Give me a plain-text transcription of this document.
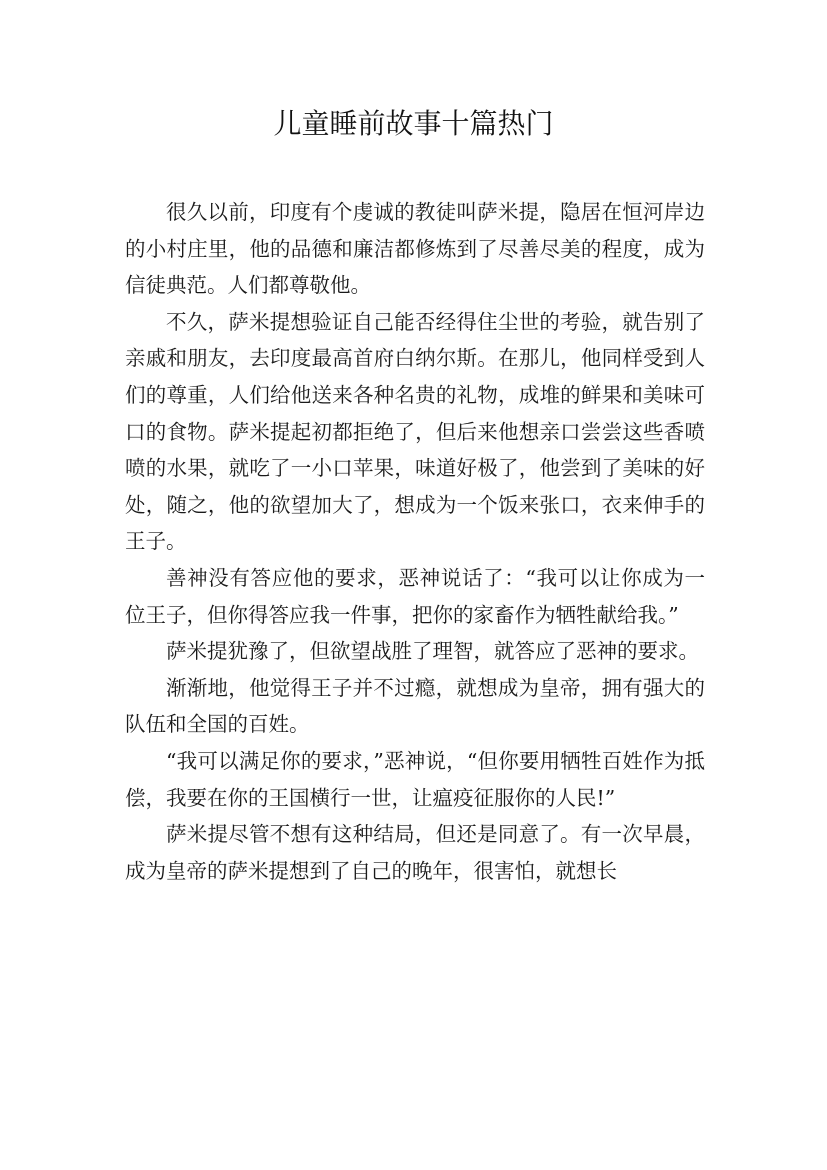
儿童睡前故事十篇热门

很久以前，印度有个虔诚的教徒叫萨米提，隐居在恒河岸边的小村庄里，他的品德和廉洁都修炼到了尽善尽美的程度，成为信徒典范。人们都尊敬他。

不久，萨米提想验证自己能否经得住尘世的考验，就告别了亲戚和朋友，去印度最高首府白纳尔斯。在那儿，他同样受到人们的尊重，人们给他送来各种名贵的礼物，成堆的鲜果和美味可口的食物。萨米提起初都拒绝了，但后来他想亲口尝尝这些香喷喷的水果，就吃了一小口苹果，味道好极了，他尝到了美味的好处，随之，他的欲望加大了，想成为一个饭来张口，衣来伸手的王子。

善神没有答应他的要求，恶神说话了：“我可以让你成为一位王子，但你得答应我一件事，把你的家畜作为牺牲献给我。”

萨米提犹豫了，但欲望战胜了理智，就答应了恶神的要求。

渐渐地，他觉得王子并不过瘾，就想成为皇帝，拥有强大的队伍和全国的百姓。

“我可以满足你的要求，”恶神说，“但你要用牺牲百姓作为抵偿，我要在你的王国横行一世，让瘟疫征服你的人民!”

萨米提尽管不想有这种结局，但还是同意了。有一次早晨，成为皇帝的萨米提想到了自己的晚年，很害怕，就想长
